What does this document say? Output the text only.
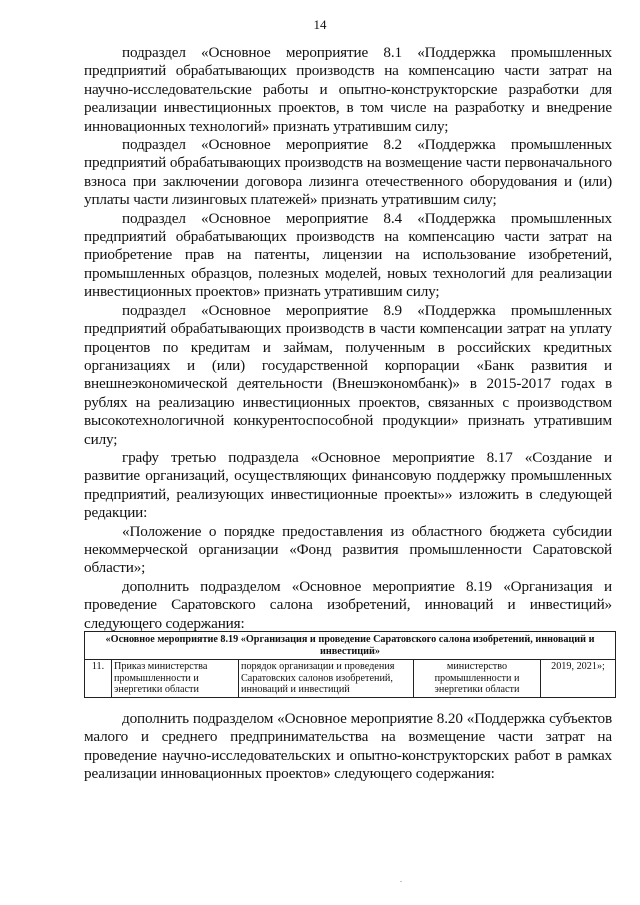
14

подраздел «Основное мероприятие 8.1 «Поддержка промышленных предприятий обрабатывающих производств на компенсацию части затрат на научно-исследовательские работы и опытно-конструкторские разработки для реализации инвестиционных проектов, в том числе на разработку и внедрение инновационных технологий» признать утратившим силу;

подраздел «Основное мероприятие 8.2 «Поддержка промышленных предприятий обрабатывающих производств на возмещение части первоначального взноса при заключении договора лизинга отечественного оборудования и (или) уплаты части лизинговых платежей» признать утратившим силу;

подраздел «Основное мероприятие 8.4 «Поддержка промышленных предприятий обрабатывающих производств на компенсацию части затрат на приобретение прав на патенты, лицензии на использование изобретений, промышленных образцов, полезных моделей, новых технологий для реализации инвестиционных проектов» признать утратившим силу;

подраздел «Основное мероприятие 8.9 «Поддержка промышленных предприятий обрабатывающих производств в части компенсации затрат на уплату процентов по кредитам и займам, полученным в российских кредитных организациях и (или) государственной корпорации «Банк развития и внешнеэкономической деятельности (Внешэкономбанк)» в 2015-2017 годах в рублях на реализацию инвестиционных проектов, связанных с производством высокотехнологичной конкурентоспособной продукции» признать утратившим силу;

графу третью подраздела «Основное мероприятие 8.17 «Создание и развитие организаций, осуществляющих финансовую поддержку промышленных предприятий, реализующих инвестиционные проекты»» изложить в следующей редакции:

«Положение о порядке предоставления из областного бюджета субсидии некоммерческой организации «Фонд развития промышленности Саратовской области»;

дополнить подразделом «Основное мероприятие 8.19 «Организация и проведение Саратовского салона изобретений, инноваций и инвестиций» следующего содержания:

«Основное мероприятие 8.19 «Организация и проведение Саратовского салона изобретений, инноваций и инвестиций»
11.	Приказ министерства промышленности и энергетики области	порядок организации и проведения Саратовских салонов изобретений, инноваций и инвестиций	министерство промышленности и энергетики области	2019, 2021»;

дополнить подразделом «Основное мероприятие 8.20 «Поддержка субъектов малого и среднего предпринимательства на возмещение части затрат на проведение научно-исследовательских и опытно-конструкторских работ в рамках реализации инновационных проектов» следующего содержания:

.
